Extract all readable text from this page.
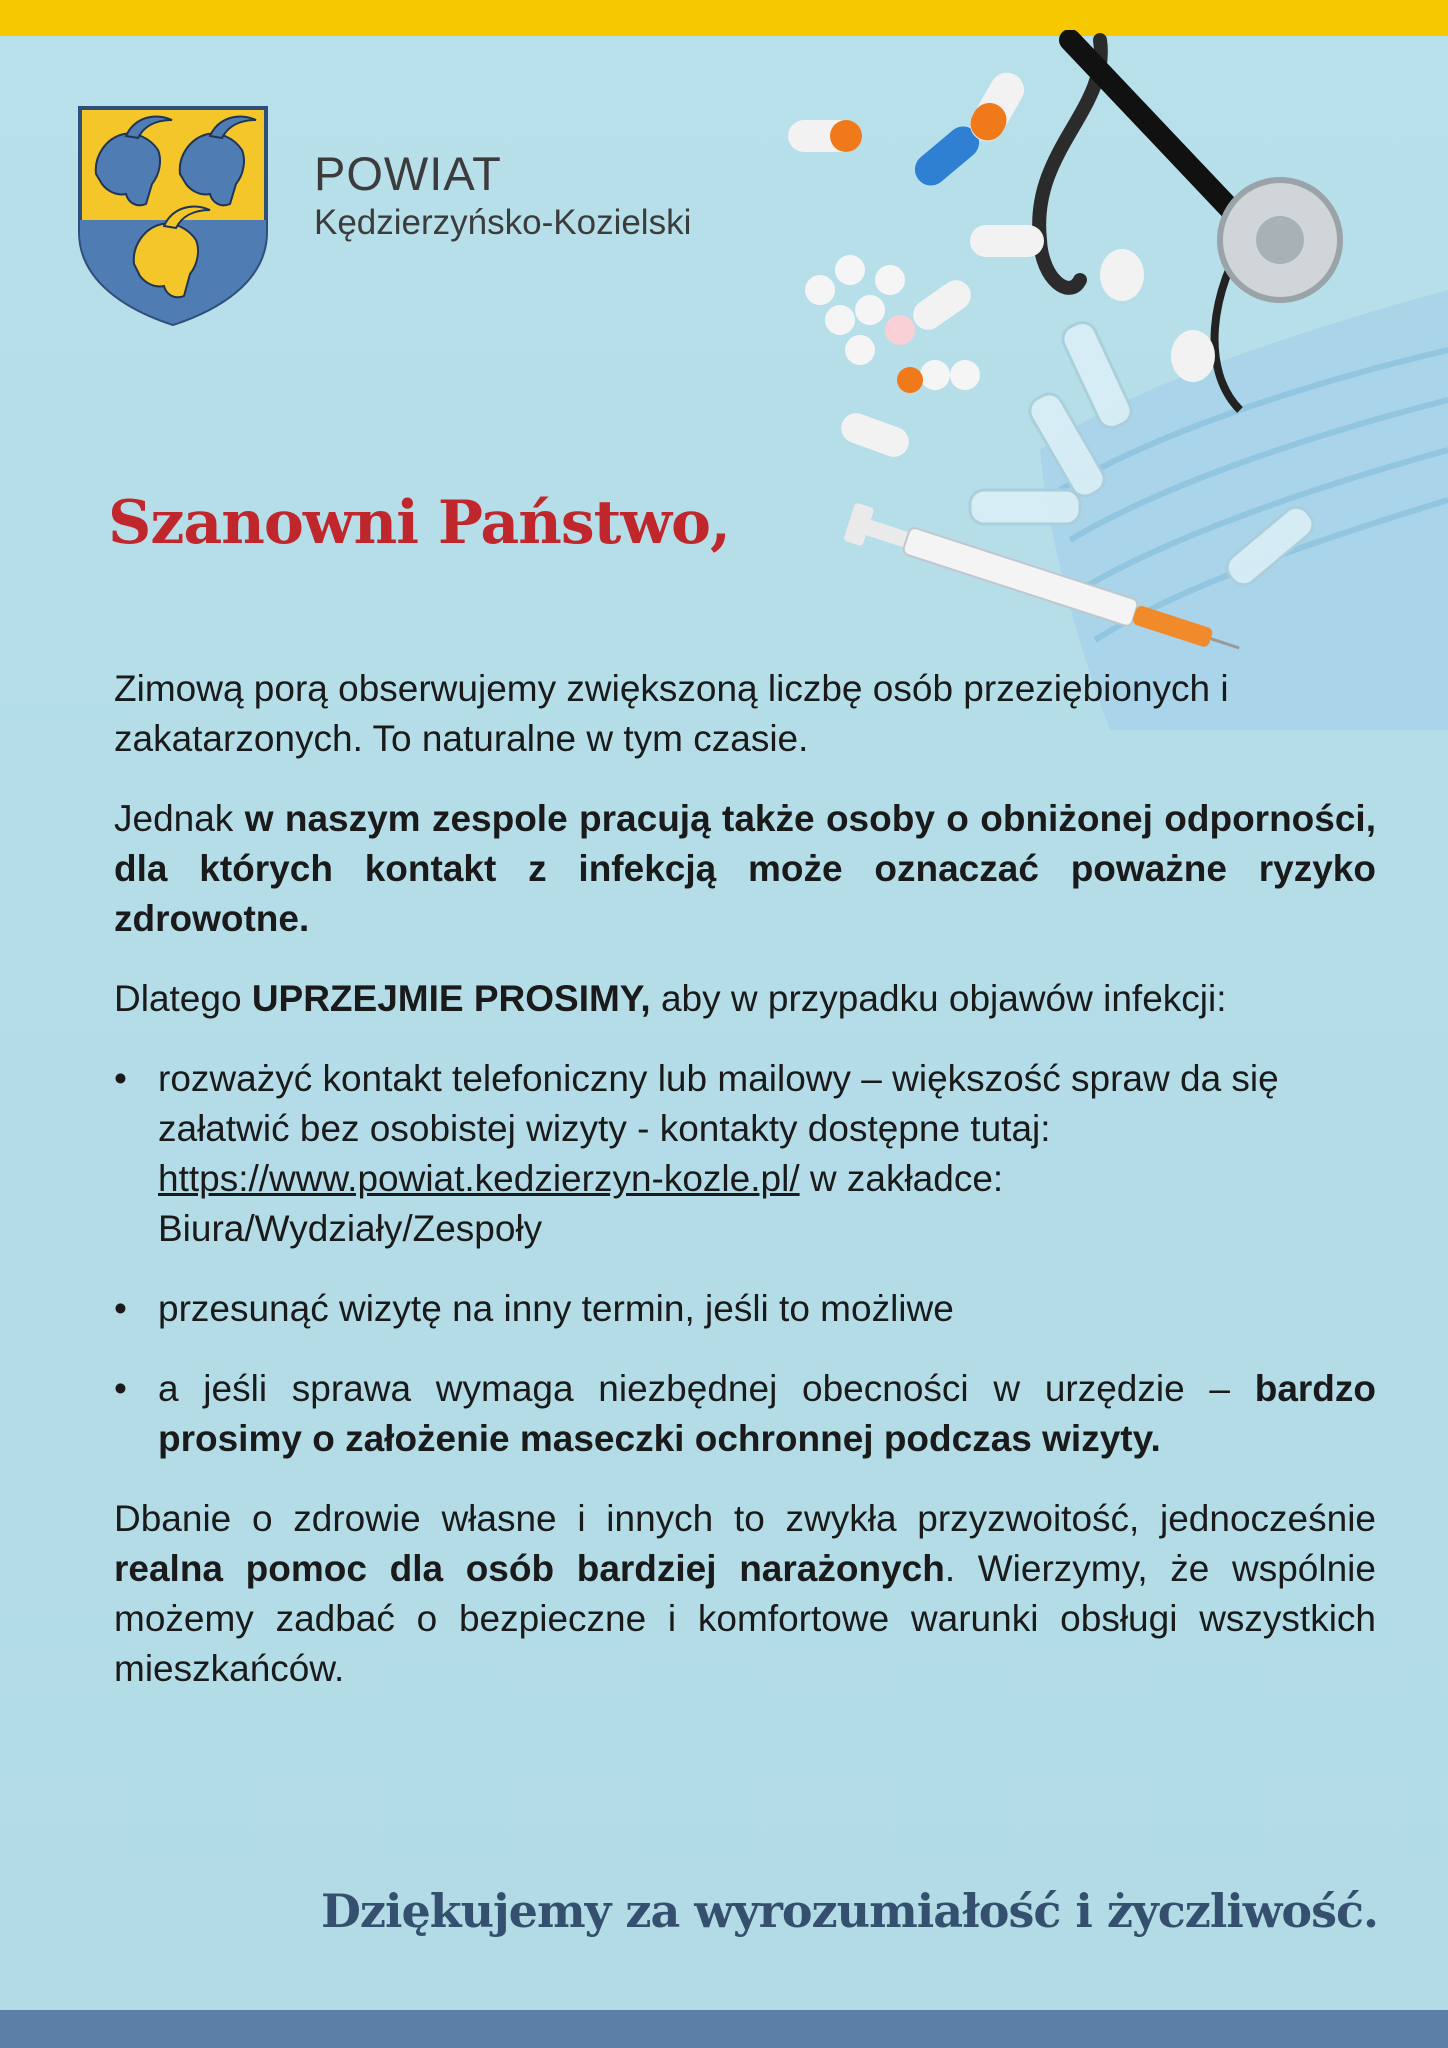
POWIAT
Kędzierzyńsko-Kozielski
Szanowni Państwo,

Zimową porą obserwujemy zwiększoną liczbę osób przeziębionych i zakatarzonych. To naturalne w tym czasie.

Jednak w naszym zespole pracują także osoby o obniżonej odporności, dla których kontakt z infekcją może oznaczać poważne ryzyko zdrowotne.

Dlatego UPRZEJMIE PROSIMY, aby w przypadku objawów infekcji:

• rozważyć kontakt telefoniczny lub mailowy – większość spraw da się załatwić bez osobistej wizyty - kontakty dostępne tutaj: https://www.powiat.kedzierzyn-kozle.pl/ w zakładce: Biura/Wydziały/Zespoły
• przesunąć wizytę na inny termin, jeśli to możliwe
• a jeśli sprawa wymaga niezbędnej obecności w urzędzie – bardzo prosimy o założenie maseczki ochronnej podczas wizyty.

Dbanie o zdrowie własne i innych to zwykła przyzwoitość, jednocześnie realna pomoc dla osób bardziej narażonych. Wierzymy, że wspólnie możemy zadbać o bezpieczne i komfortowe warunki obsługi wszystkich mieszkańców.

Dziękujemy za wyrozumiałość i życzliwość.
